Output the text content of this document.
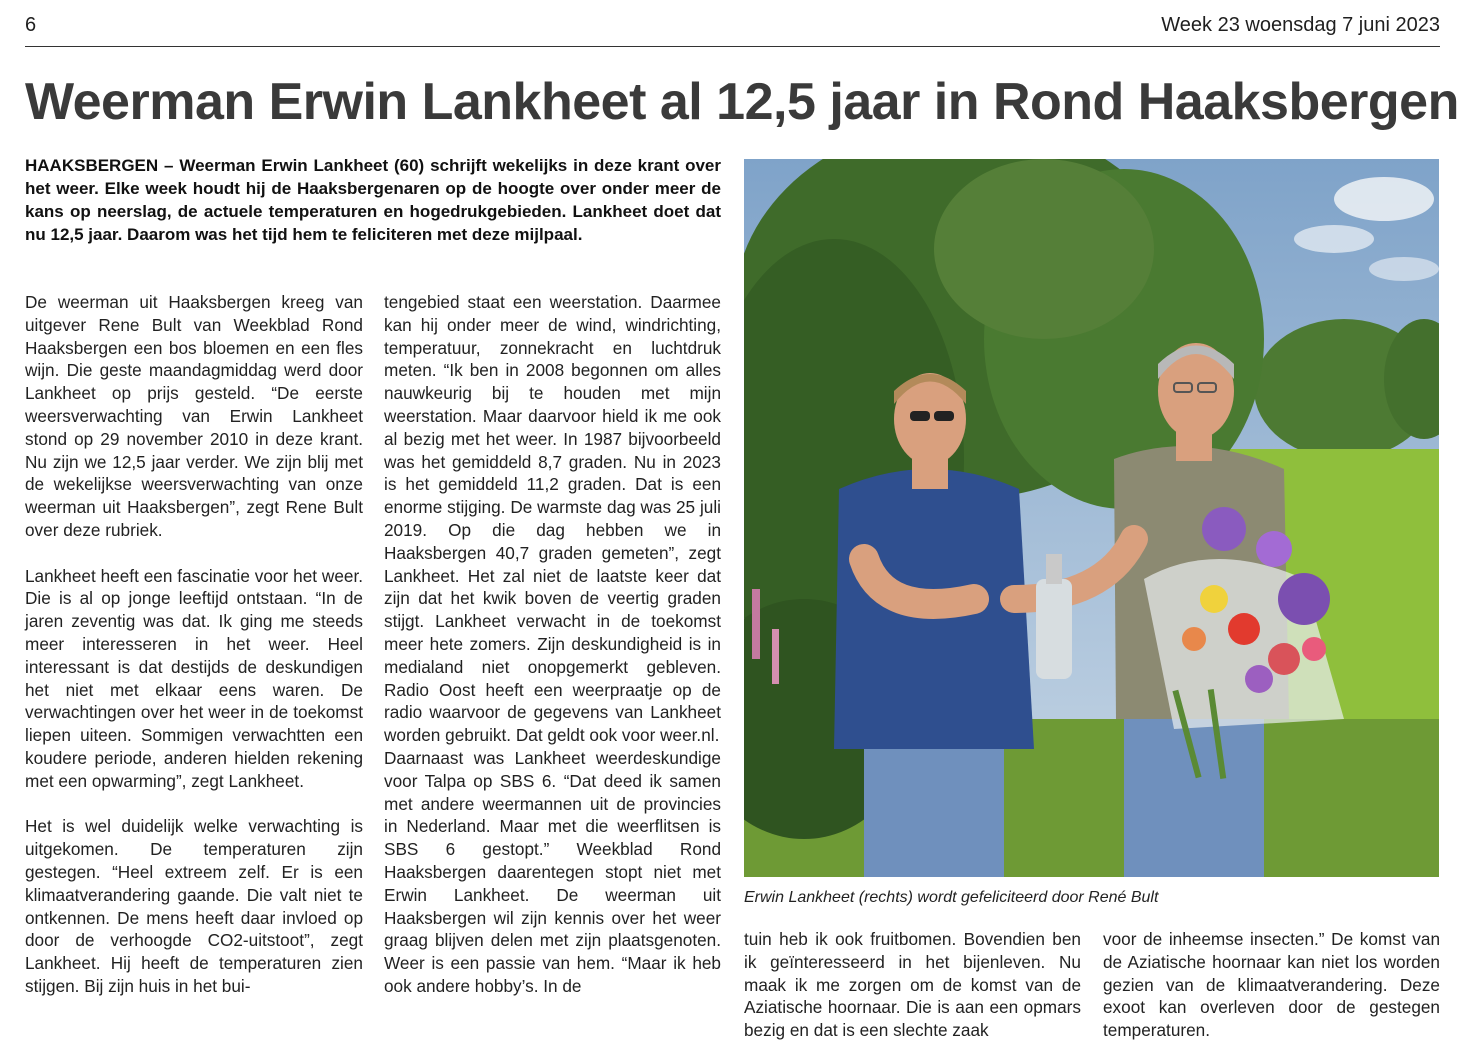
6	Week 23 woensdag 7 juni 2023
Weerman Erwin Lankheet al 12,5 jaar in Rond Haaksbergen

HAAKSBERGEN – Weerman Erwin Lankheet (60) schrijft wekelijks in deze krant over het weer. Elke week houdt hij de Haaksbergenaren op de hoogte over onder meer de kans op neerslag, de actuele temperaturen en hogedrukgebieden. Lankheet doet dat nu 12,5 jaar. Daarom was het tijd hem te feliciteren met deze mijlpaal.

De weerman uit Haaksbergen kreeg van uitgever Rene Bult van Weekblad Rond Haaksbergen een bos bloemen en een fles wijn. Die geste maandagmiddag werd door Lankheet op prijs gesteld. “De eerste weersverwachting van Erwin Lankheet stond op 29 november 2010 in deze krant. Nu zijn we 12,5 jaar verder. We zijn blij met de wekelijkse weersverwachting van onze weerman uit Haaksbergen”, zegt Rene Bult over deze rubriek.

Lankheet heeft een fascinatie voor het weer. Die is al op jonge leeftijd ontstaan. “In de jaren zeventig was dat. Ik ging me steeds meer interesseren in het weer. Heel interessant is dat destijds de deskundigen het niet met elkaar eens waren. De verwachtingen over het weer in de toekomst liepen uiteen. Sommigen verwachtten een koudere periode, anderen hielden rekening met een opwarming”, zegt Lankheet.

Het is wel duidelijk welke verwachting is uitgekomen. De temperaturen zijn gestegen. “Heel extreem zelf. Er is een klimaatverandering gaande. Die valt niet te ontkennen. De mens heeft daar invloed op door de verhoogde CO2-uitstoot”, zegt Lankheet. Hij heeft de temperaturen zien stijgen. Bij zijn huis in het bui-

tengebied staat een weerstation. Daarmee kan hij onder meer de wind, windrichting, temperatuur, zonnekracht en luchtdruk meten. “Ik ben in 2008 begonnen om alles nauwkeurig bij te houden met mijn weerstation. Maar daarvoor hield ik me ook al bezig met het weer. In 1987 bijvoorbeeld was het gemiddeld 8,7 graden. Nu in 2023 is het gemiddeld 11,2 graden. Dat is een enorme stijging. De warmste dag was 25 juli 2019. Op die dag hebben we in Haaksbergen 40,7 graden gemeten”, zegt Lankheet. Het zal niet de laatste keer dat zijn dat het kwik boven de veertig graden stijgt. Lankheet verwacht in de toekomst meer hete zomers. Zijn deskundigheid is in medialand niet onopgemerkt gebleven. Radio Oost heeft een weerpraatje op de radio waarvoor de gegevens van Lankheet worden gebruikt. Dat geldt ook voor weer.nl.

Daarnaast was Lankheet weerdeskundige voor Talpa op SBS 6. “Dat deed ik samen met andere weermannen uit de provincies in Nederland. Maar met die weerflitsen is SBS 6 gestopt.” Weekblad Rond Haaksbergen daarentegen stopt niet met Erwin Lankheet. De weerman uit Haaksbergen wil zijn kennis over het weer graag blijven delen met zijn plaatsgenoten. Weer is een passie van hem. “Maar ik heb ook andere hobby’s. In de

Erwin Lankheet (rechts) wordt gefeliciteerd door René Bult

tuin heb ik ook fruitbomen. Bovendien ben ik geïnteresseerd in het bijenleven. Nu maak ik me zorgen om de komst van de Aziatische hoornaar. Die is aan een opmars bezig en dat is een slechte zaak

voor de inheemse insecten.” De komst van de Aziatische hoornaar kan niet los worden gezien van de klimaatverandering. Deze exoot kan overleven door de gestegen temperaturen.
